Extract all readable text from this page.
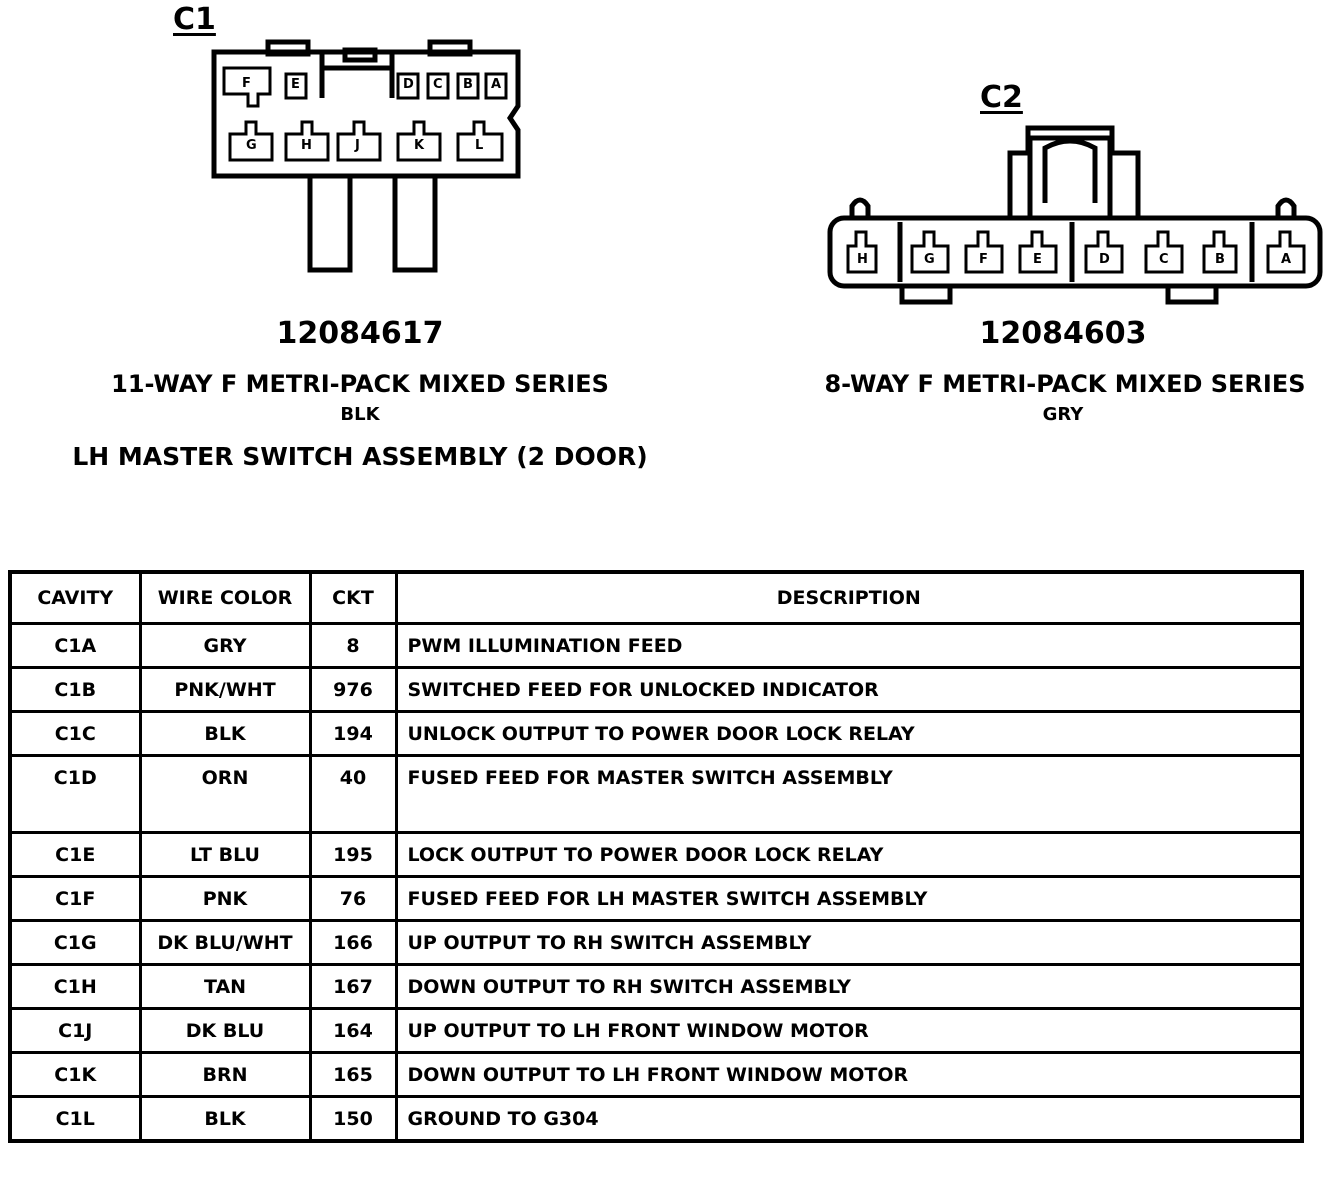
C1
F	E	D C B A
G	H	J	K	L
12084617
11-WAY F METRI-PACK MIXED SERIES
BLK
LH MASTER SWITCH ASSEMBLY (2 DOOR)
C2
H	G	F	E	D	C	B	A
12084603
8-WAY F METRI-PACK MIXED SERIES
GRY
CAVITY	WIRE COLOR	CKT	DESCRIPTION
C1A	GRY	8	PWM ILLUMINATION FEED
C1B	PNK/WHT	976	SWITCHED FEED FOR UNLOCKED INDICATOR
C1C	BLK	194	UNLOCK OUTPUT TO POWER DOOR LOCK RELAY
C1D	ORN	40	FUSED FEED FOR MASTER SWITCH ASSEMBLY
C1E	LT BLU	195	LOCK OUTPUT TO POWER DOOR LOCK RELAY
C1F	PNK	76	FUSED FEED FOR LH MASTER SWITCH ASSEMBLY
C1G	DK BLU/WHT	166	UP OUTPUT TO RH SWITCH ASSEMBLY
C1H	TAN	167	DOWN OUTPUT TO RH SWITCH ASSEMBLY
C1J	DK BLU	164	UP OUTPUT TO LH FRONT WINDOW MOTOR
C1K	BRN	165	DOWN OUTPUT TO LH FRONT WINDOW MOTOR
C1L	BLK	150	GROUND TO G304
